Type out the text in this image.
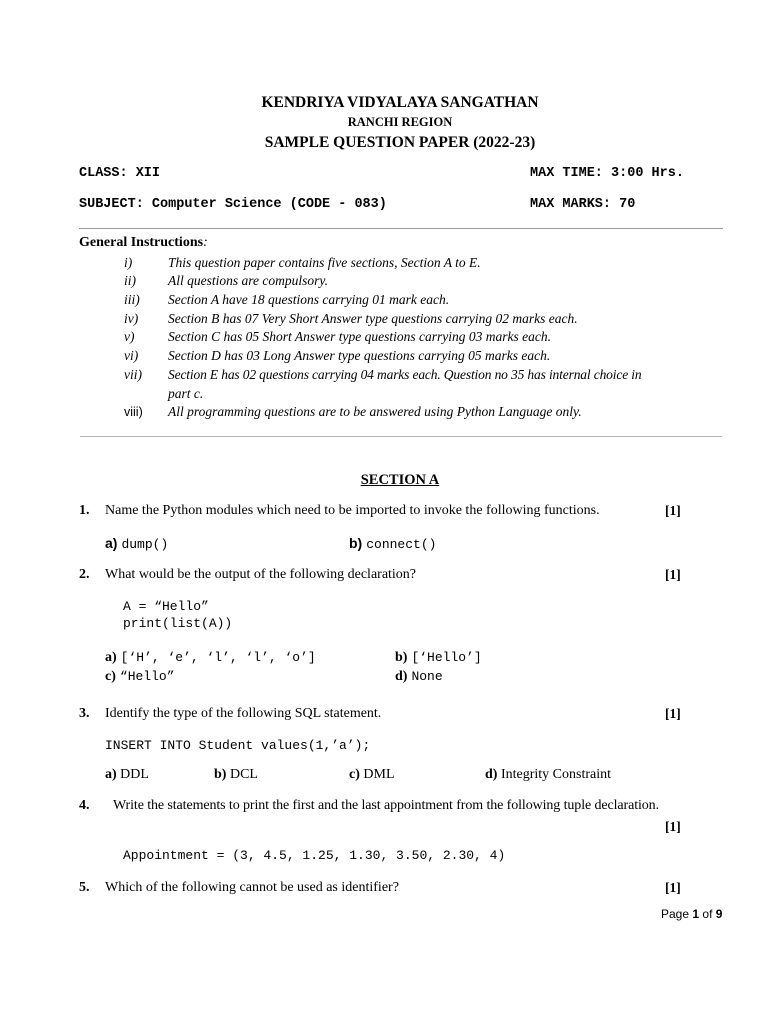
KENDRIYA VIDYALAYA SANGATHAN
RANCHI REGION
SAMPLE QUESTION PAPER (2022-23)
CLASS: XII	MAX TIME: 3:00 Hrs.
SUBJECT: Computer Science (CODE - 083)	MAX MARKS: 70
General Instructions:
i)	This question paper contains five sections, Section A to E.
ii) All questions are compulsory.
iii) Section A have 18 questions carrying 01 mark each.
iv) Section B has 07 Very Short Answer type questions carrying 02 marks each.
v) Section C has 05 Short Answer type questions carrying 03 marks each.
vi) Section D has 03 Long Answer type questions carrying 05 marks each.
vii) Section E has 02 questions carrying 04 marks each. Question no 35 has internal choice in
part c.
viii) All programming questions are to be answered using Python Language only.
SECTION A
1. Name the Python modules which need to be imported to invoke the following functions.	[1]
a) dump()	b) connect()
2. What would be the output of the following declaration?	[1]
A = “Hello”
print(list(A))
a) [‘H’, ‘e’, ‘l’, ‘l’, ‘o’]	b) [‘Hello’]
c) “Hello”	d) None
3. Identify the type of the following SQL statement.	[1]
INSERT INTO Student values(1,’a’);
a) DDL	b) DCL	c) DML	d) Integrity Constraint
4. Write the statements to print the first and the last appointment from the following tuple declaration.
[1]
Appointment = (3, 4.5, 1.25, 1.30, 3.50, 2.30, 4)
5. Which of the following cannot be used as identifier?	[1]
Page 1 of 9
